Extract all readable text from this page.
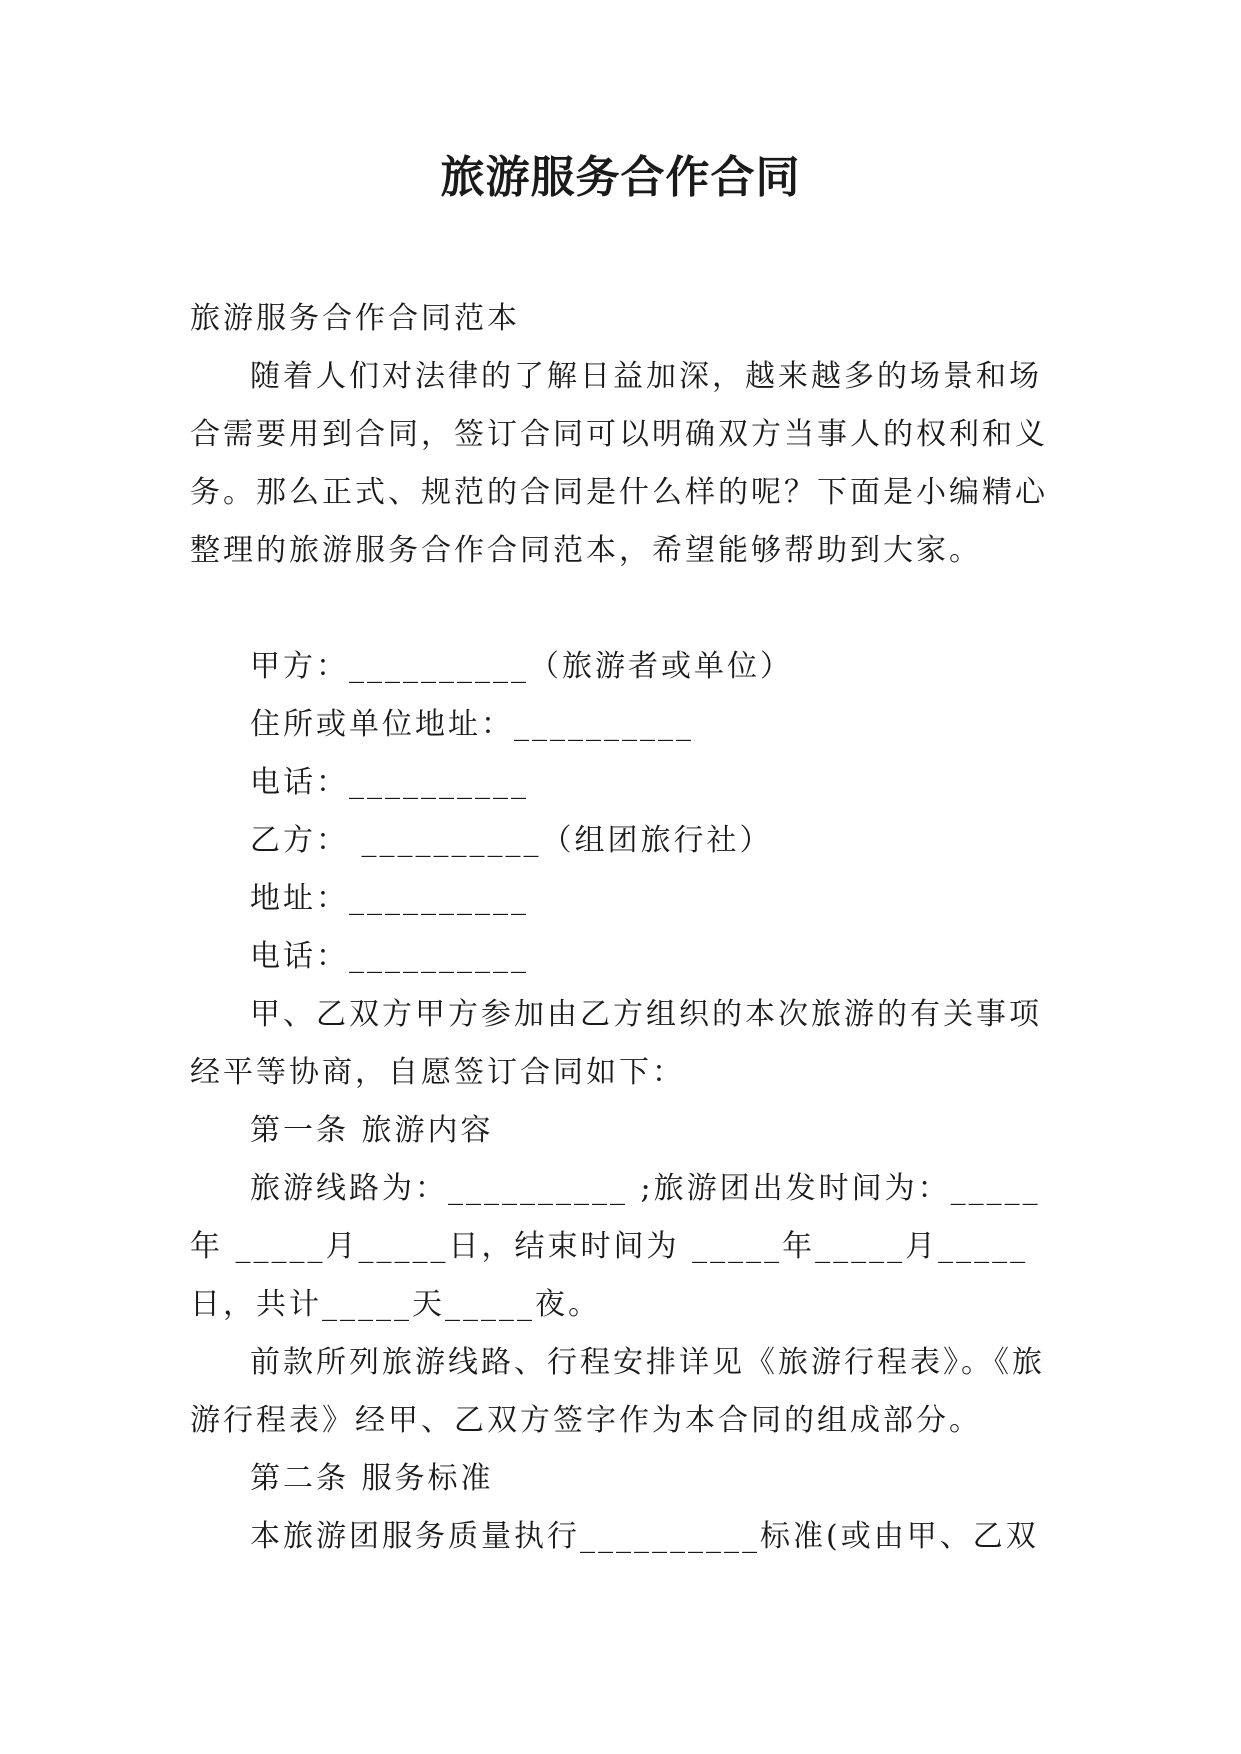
旅游服务合作合同

旅游服务合作合同范本

随着人们对法律的了解日益加深，越来越多的场景和场合需要用到合同，签订合同可以明确双方当事人的权利和义务。那么正式、规范的合同是什么样的呢？下面是小编精心整理的旅游服务合作合同范本，希望能够帮助到大家。

甲方：__________（旅游者或单位）

住所或单位地址：__________

电话：__________

乙方： __________（组团旅行社）

地址：__________

电话：__________

甲、乙双方甲方参加由乙方组织的本次旅游的有关事项经平等协商，自愿签订合同如下：

第一条 旅游内容

旅游线路为：__________ ;旅游团出发时间为：_____年 _____月_____日，结束时间为 _____年_____月_____日，共计_____天_____夜。

前款所列旅游线路、行程安排详见《旅游行程表》。《旅游行程表》经甲、乙双方签字作为本合同的组成部分。

第二条 服务标准

本旅游团服务质量执行__________标准(或由甲、乙双
